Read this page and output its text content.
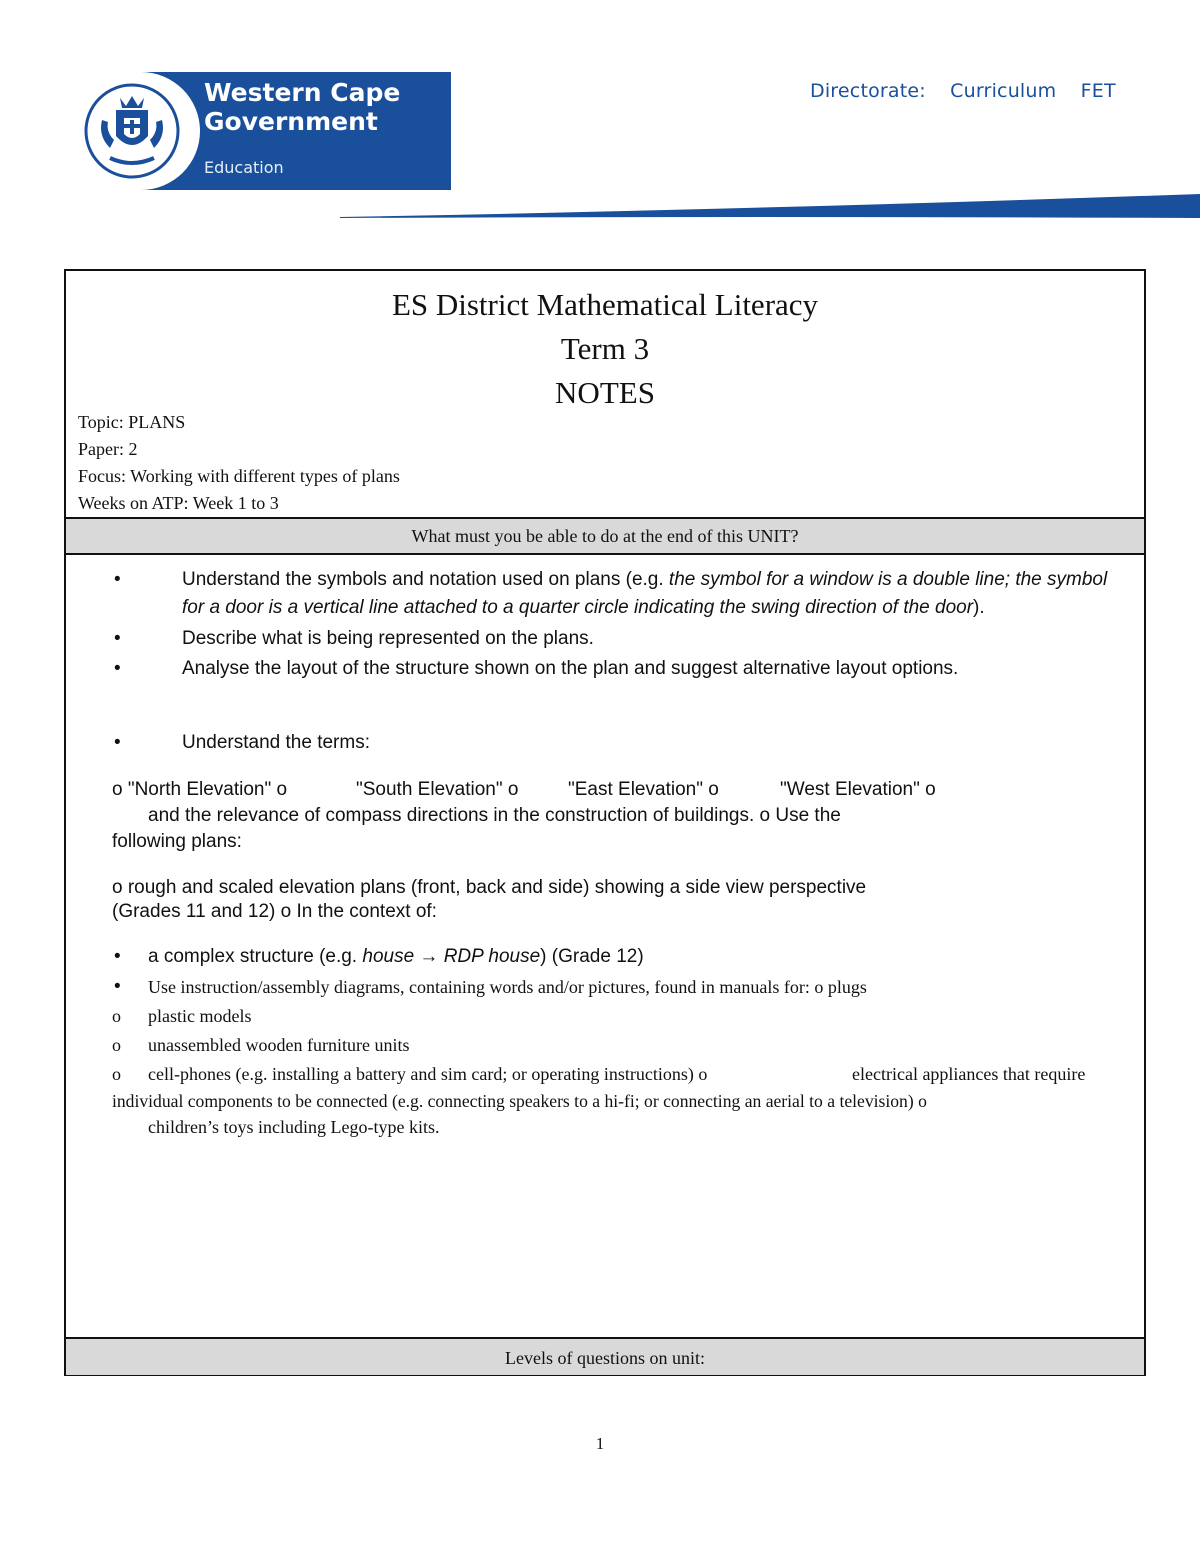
Western Cape Government
Education
Directorate: Curriculum FET
ES District Mathematical Literacy
Term 3
NOTES
Topic: PLANS
Paper: 2
Focus: Working with different types of plans
Weeks on ATP: Week 1 to 3
What must you be able to do at the end of this UNIT?
•	Understand the symbols and notation used on plans (e.g. the symbol for a window is a double line; the symbol for a door is a vertical line attached to a quarter circle indicating the swing direction of the door).
•	Describe what is being represented on the plans.
•	Analyse the layout of the structure shown on the plan and suggest alternative layout options.
•	Understand the terms:
o "North Elevation" o	"South Elevation" o	"East Elevation" o	"West Elevation" o
and the relevance of compass directions in the construction of buildings. o Use the
following plans:
o rough and scaled elevation plans (front, back and side) showing a side view perspective
(Grades 11 and 12) o In the context of:
• a complex structure (e.g. house → RDP house) (Grade 12)
• Use instruction/assembly diagrams, containing words and/or pictures, found in manuals for: o plugs
o plastic models
o unassembled wooden furniture units
o cell-phones (e.g. installing a battery and sim card; or operating instructions) o	electrical appliances that require
individual components to be connected (e.g. connecting speakers to a hi-fi; or connecting an aerial to a television) o
children’s toys including Lego-type kits.
Levels of questions on unit:
1
